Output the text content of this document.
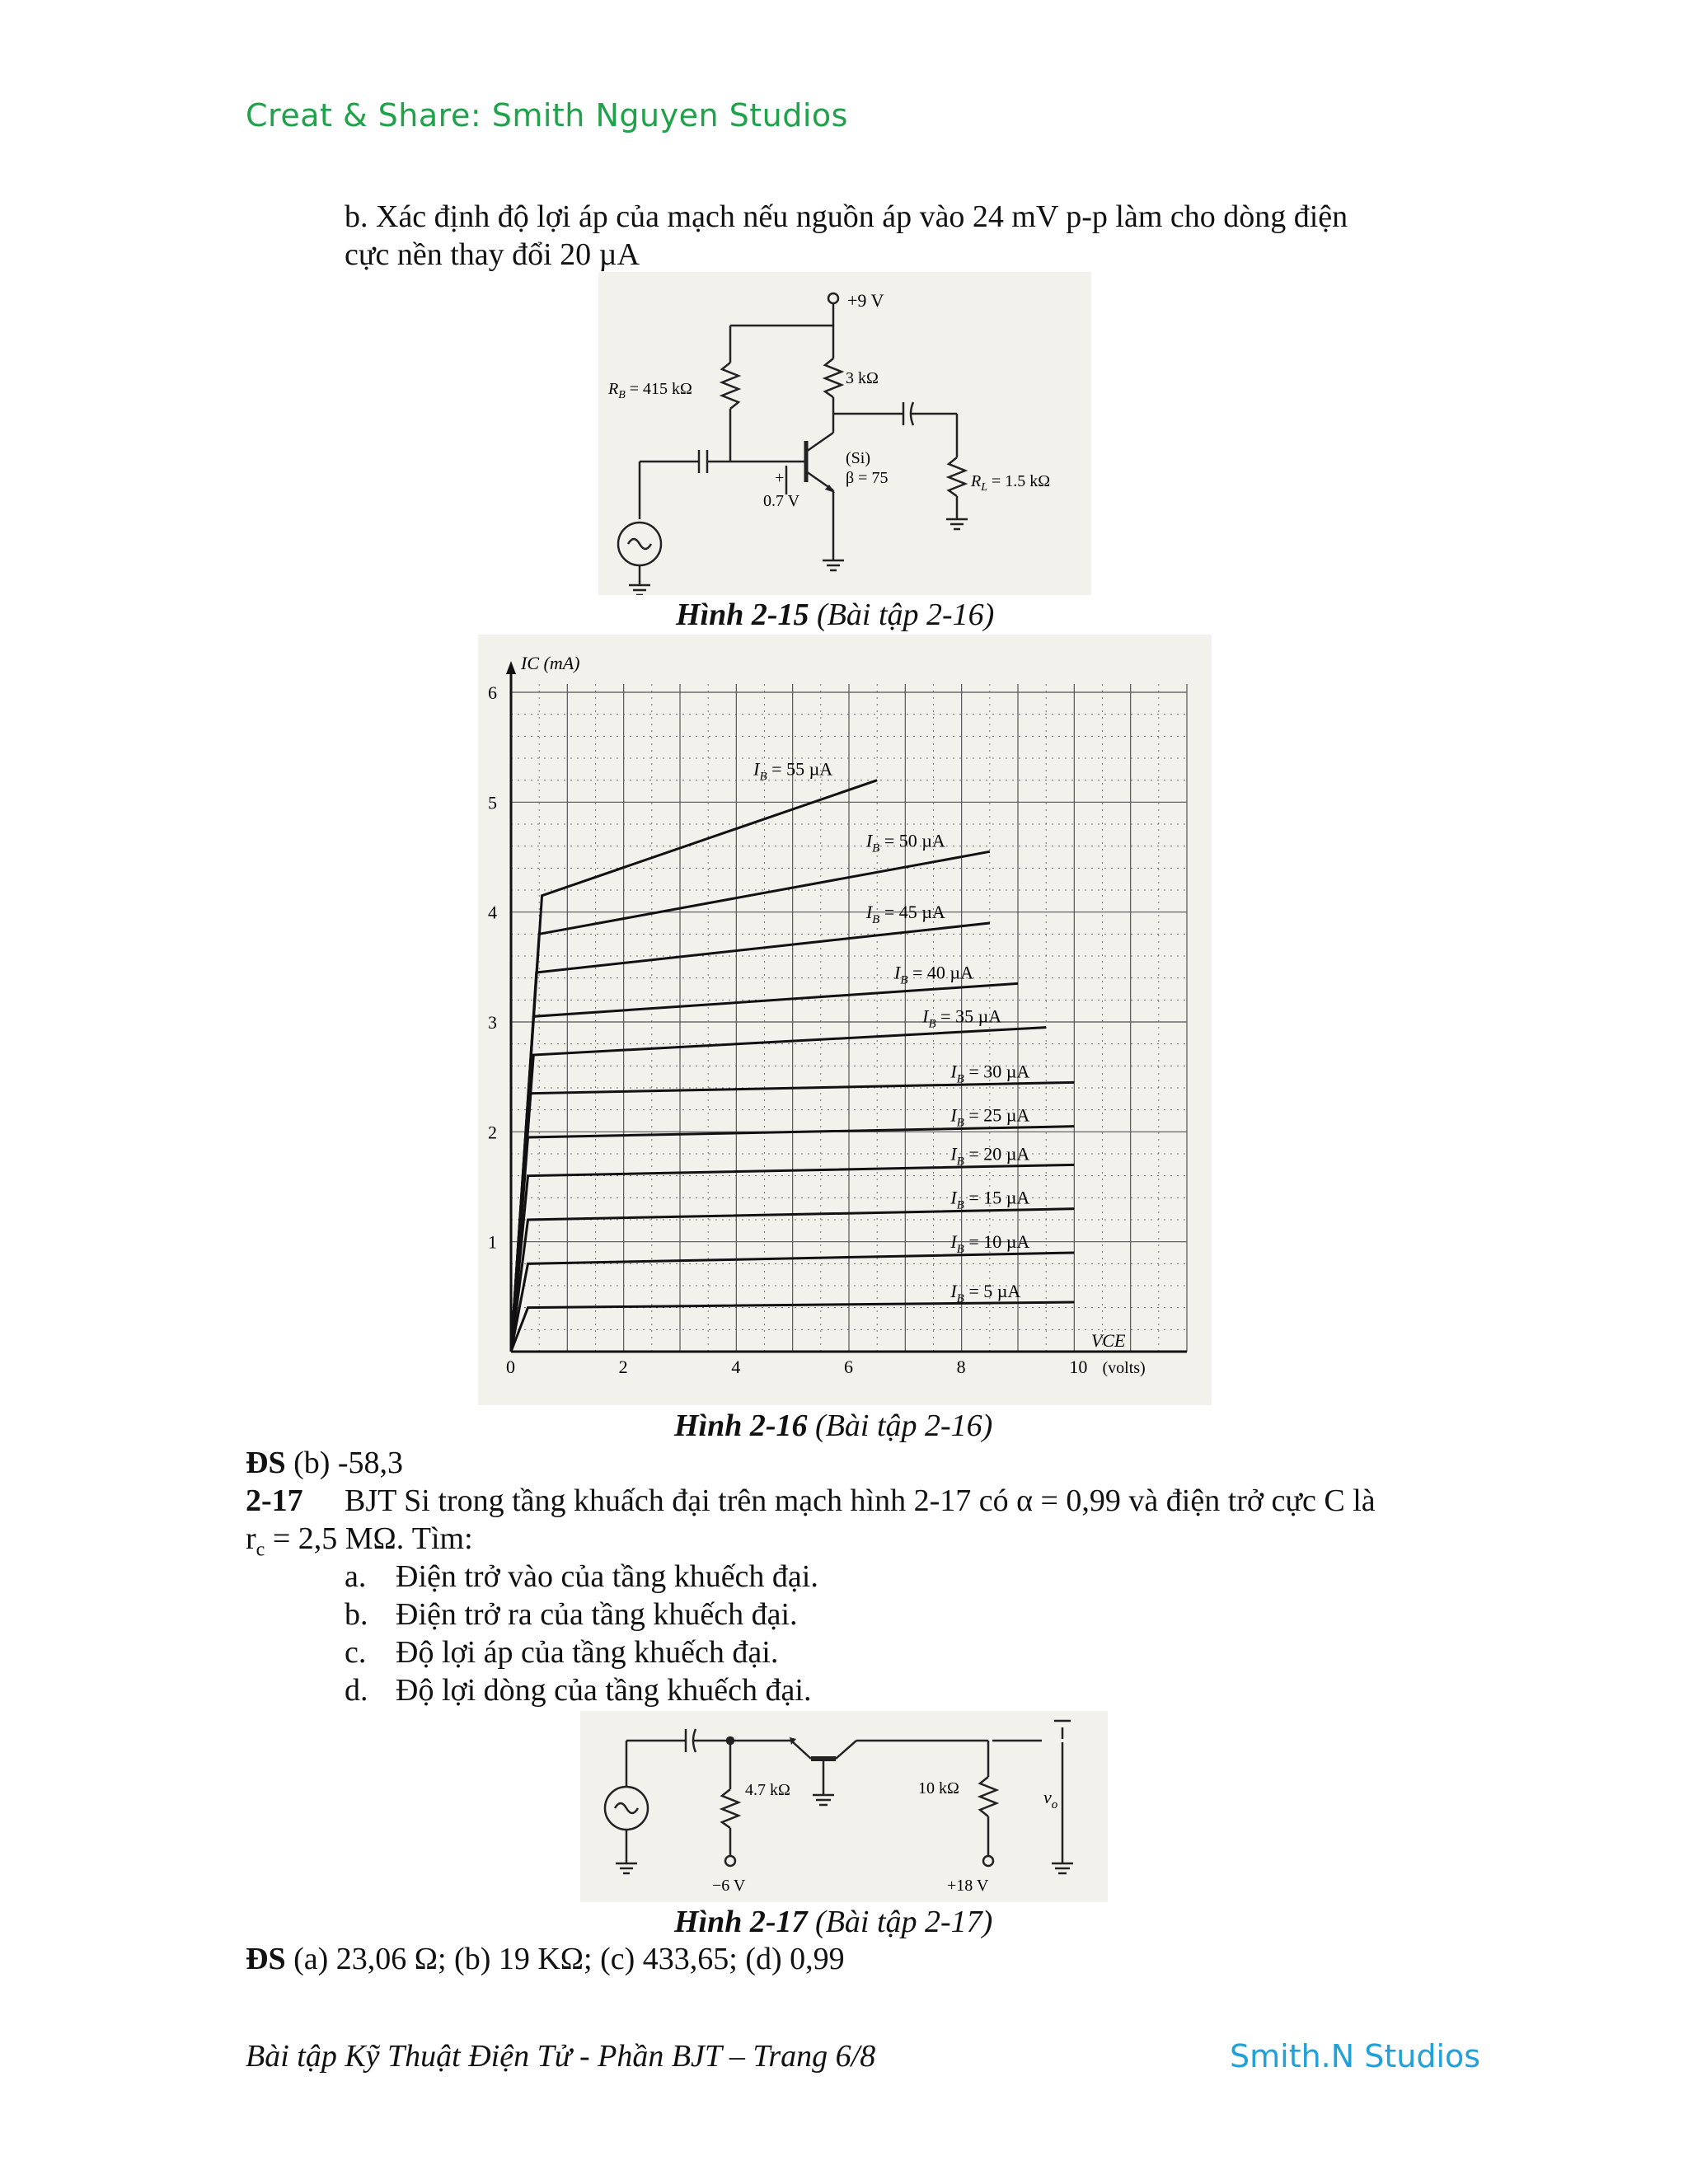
Creat & Share: Smith Nguyen Studios
b. Xác định độ lợi áp của mạch nếu nguồn áp vào 24 mV p-p làm cho dòng điện
cực nền thay đổi 20 µA
+9 V
3 kΩ
$R_B = 415$ kΩ
(Si)
β = 75	$R_L = 1.5$ kΩ
0.7 V
+
Hình 2-15 (Bài tập 2-16)
0	2	4	6	8	10
1
2
3
4
5
6
IC (mA)
VCE
(volts)
$I_B = 5$ µA
$I_B = 10$ µA
$I_B = 15$ µA
$I_B = 20$ µA
$I_B = 25$ µA
$I_B = 30$ µA
$I_B = 35$ µA
$I_B = 40$ µA
$I_B = 45$ µA
$I_B = 50$ µA
$I_B = 55$ µA
Hình 2-16 (Bài tập 2-16)
ĐS (b) -58,3
2-17 BJT Si trong tầng khuấch đại trên mạch hình 2-17 có α = 0,99 và điện trở cực C là
$r_c = 2,5$ MΩ. Tìm:
a. Điện trở vào của tầng khuếch đại.
b. Điện trở ra của tầng khuếch đại.
c. Độ lợi áp của tầng khuếch đại.
d. Độ lợi dòng của tầng khuếch đại.
4.7 kΩ	10 kΩ
−6 V	+18 V
$v_o$
Hình 2-17 (Bài tập 2-17)
ĐS (a) 23,06 Ω; (b) 19 KΩ; (c) 433,65; (d) 0,99
Bài tập Kỹ Thuật Điện Tử - Phần BJT – Trang 6/8	Smith.N Studios
